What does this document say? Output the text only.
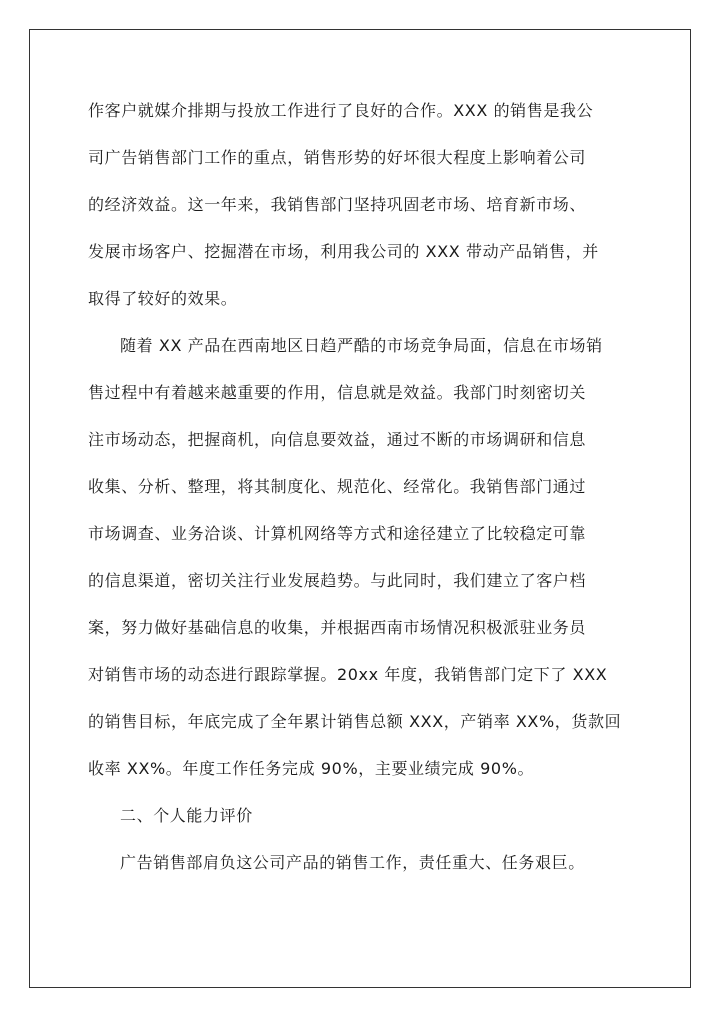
作客户就媒介排期与投放工作进行了良好的合作。XXX 的销售是我公
司广告销售部门工作的重点，销售形势的好坏很大程度上影响着公司
的经济效益。这一年来，我销售部门坚持巩固老市场、培育新市场、
发展市场客户、挖掘潜在市场，利用我公司的 XXX 带动产品销售，并
取得了较好的效果。
随着 XX 产品在西南地区日趋严酷的市场竞争局面，信息在市场销
售过程中有着越来越重要的作用，信息就是效益。我部门时刻密切关
注市场动态，把握商机，向信息要效益，通过不断的市场调研和信息
收集、分析、整理，将其制度化、规范化、经常化。我销售部门通过
市场调查、业务洽谈、计算机网络等方式和途径建立了比较稳定可靠
的信息渠道，密切关注行业发展趋势。与此同时，我们建立了客户档
案，努力做好基础信息的收集，并根据西南市场情况积极派驻业务员
对销售市场的动态进行跟踪掌握。20xx 年度，我销售部门定下了 XXX
的销售目标，年底完成了全年累计销售总额 XXX，产销率 XX%，货款回
收率 XX%。年度工作任务完成 90%，主要业绩完成 90%。
二、个人能力评价
广告销售部肩负这公司产品的销售工作，责任重大、任务艰巨。
